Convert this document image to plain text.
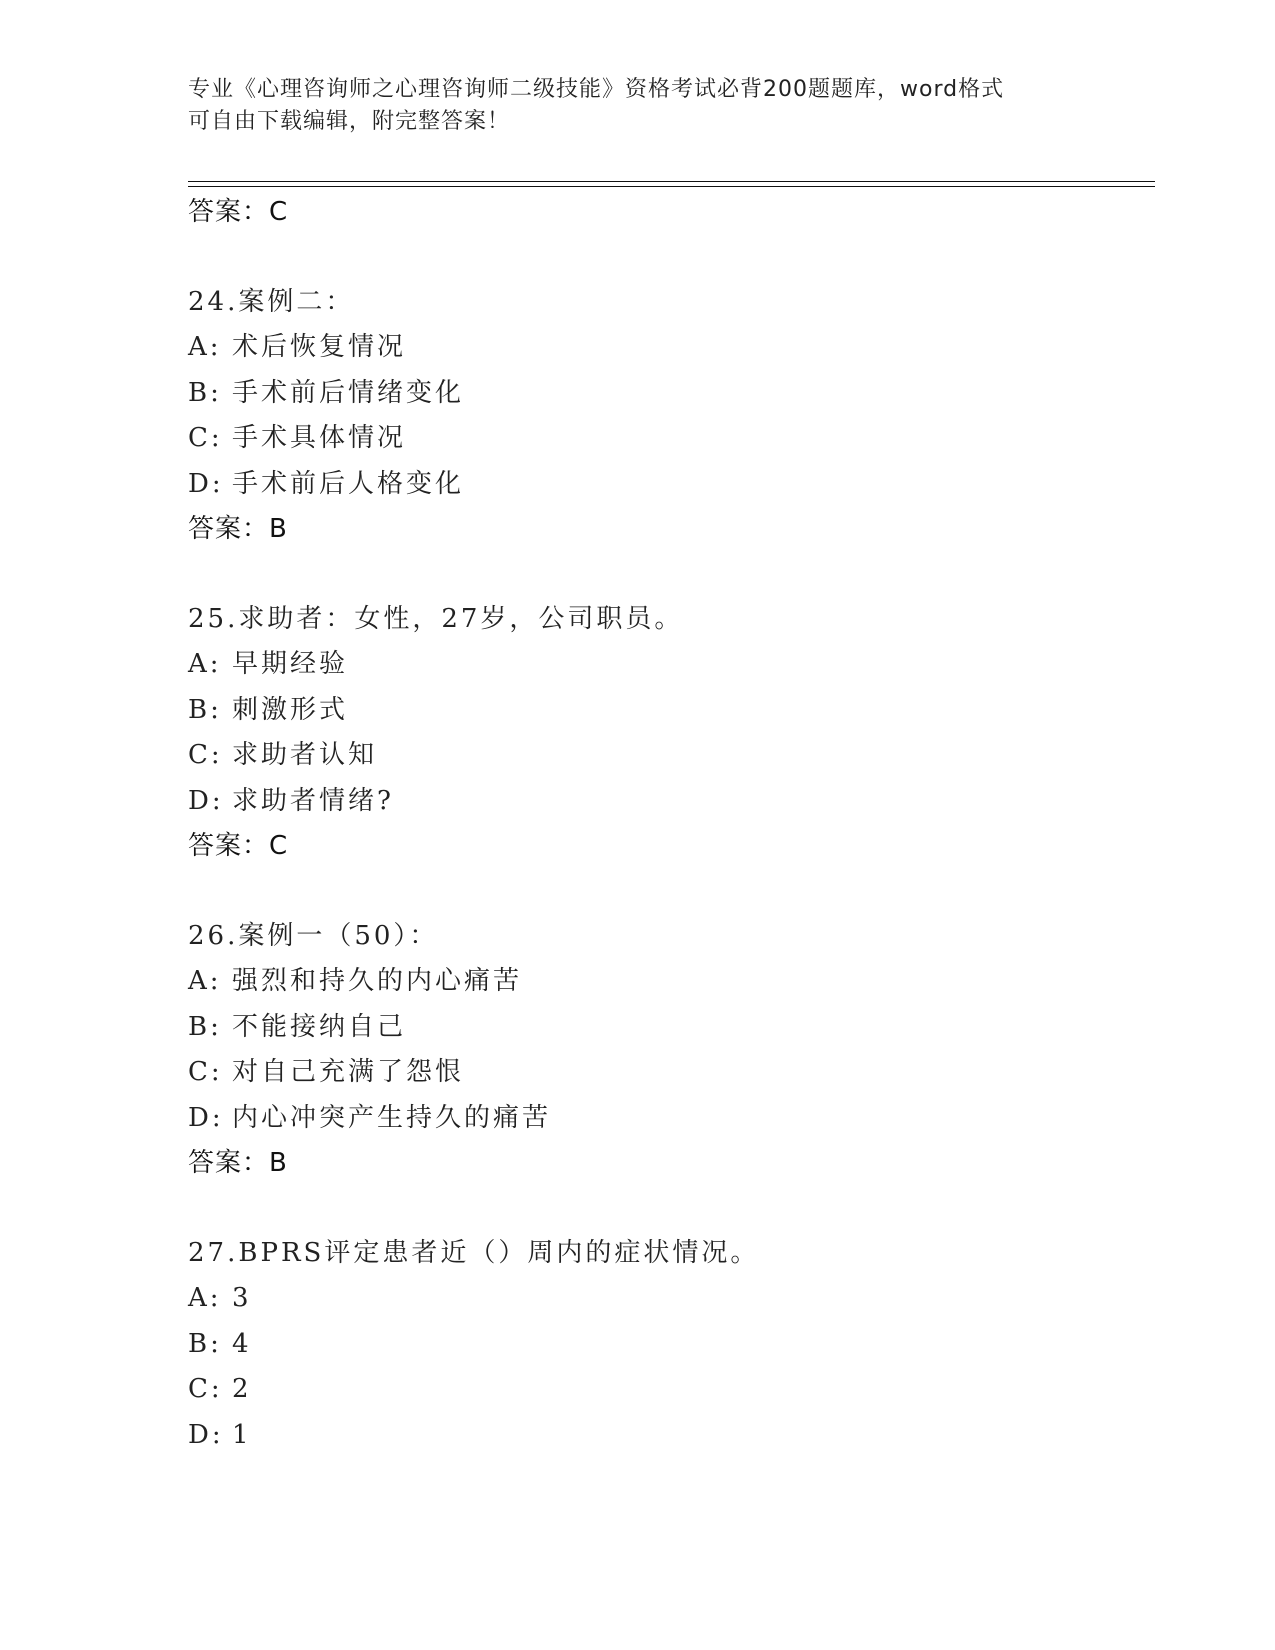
专业《心理咨询师之心理咨询师二级技能》资格考试必背200题题库，word格式
可自由下载编辑，附完整答案！
答案：C
24.案例二：
A: 术后恢复情况
B: 手术前后情绪变化
C: 手术具体情况
D: 手术前后人格变化
答案：B
25.求助者：女性，27岁，公司职员。
A: 早期经验
B: 刺激形式
C: 求助者认知
D: 求助者情绪?
答案：C
26.案例一（50）：
A: 强烈和持久的内心痛苦
B: 不能接纳自己
C: 对自己充满了怨恨
D: 内心冲突产生持久的痛苦
答案：B
27.BPRS评定患者近（）周内的症状情况。
A: 3
B: 4
C: 2
D: 1
